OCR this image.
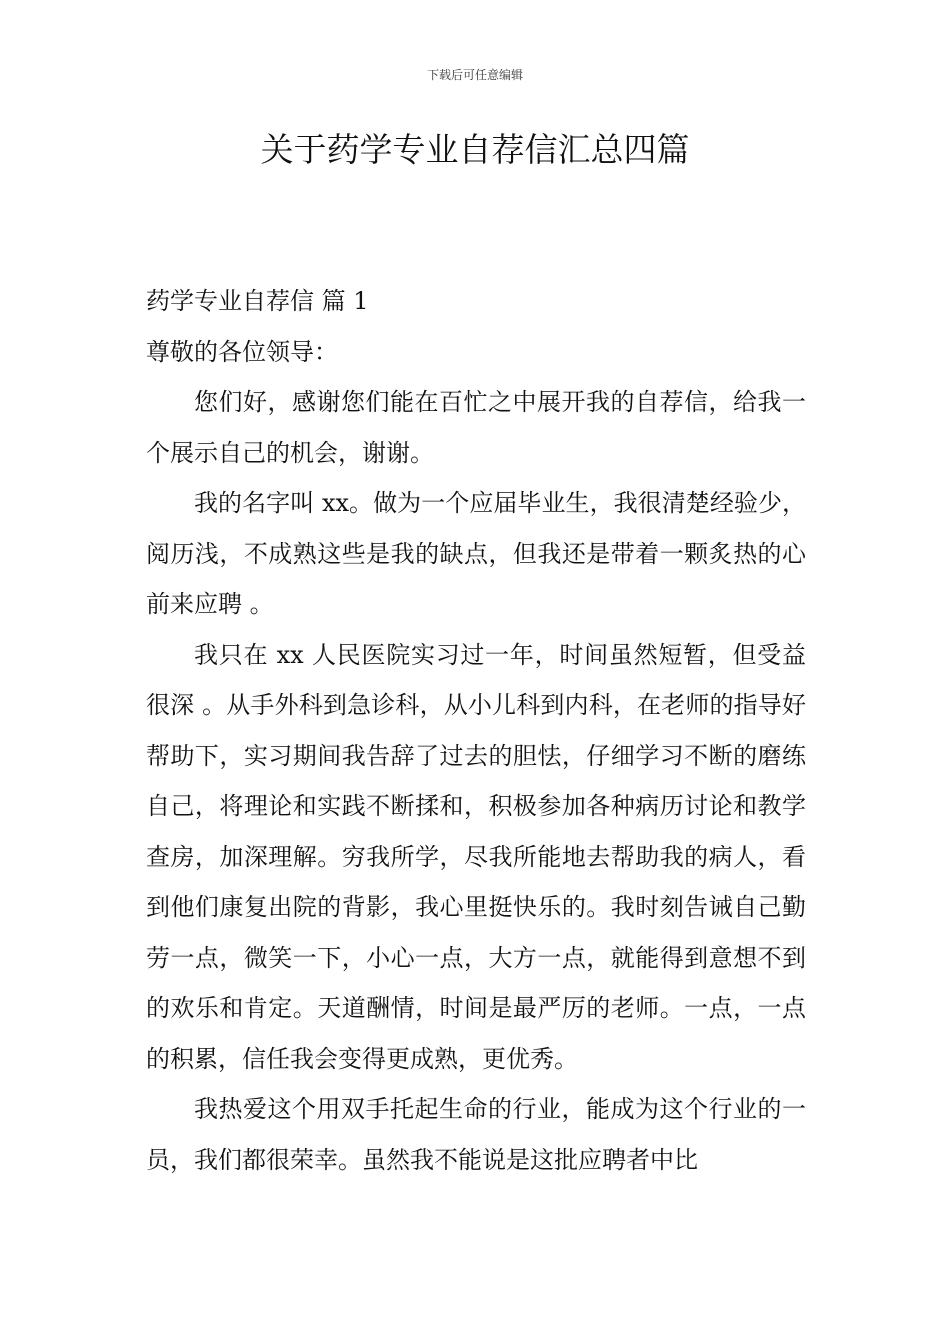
下载后可任意编辑
关于药学专业自荐信汇总四篇

药学专业自荐信 篇 1

尊敬的各位领导：

您们好，感谢您们能在百忙之中展开我的自荐信，给我一个展示自己的机会，谢谢。

我的名字叫 xx。做为一个应届毕业生，我很清楚经验少，阅历浅，不成熟这些是我的缺点，但我还是带着一颗炙热的心前来应聘 。

我只在 xx 人民医院实习过一年，时间虽然短暂，但受益很深 。从手外科到急诊科，从小儿科到内科，在老师的指导好帮助下，实习期间我告辞了过去的胆怯，仔细学习不断的磨练自己，将理论和实践不断揉和，积极参加各种病历讨论和教学查房，加深理解。穷我所学，尽我所能地去帮助我的病人，看到他们康复出院的背影，我心里挺快乐的。我时刻告诫自己勤劳一点，微笑一下，小心一点，大方一点，就能得到意想不到的欢乐和肯定。天道酬情，时间是最严厉的老师。一点，一点的积累，信任我会变得更成熟，更优秀。

我热爱这个用双手托起生命的行业，能成为这个行业的一员，我们都很荣幸。虽然我不能说是这批应聘者中比
